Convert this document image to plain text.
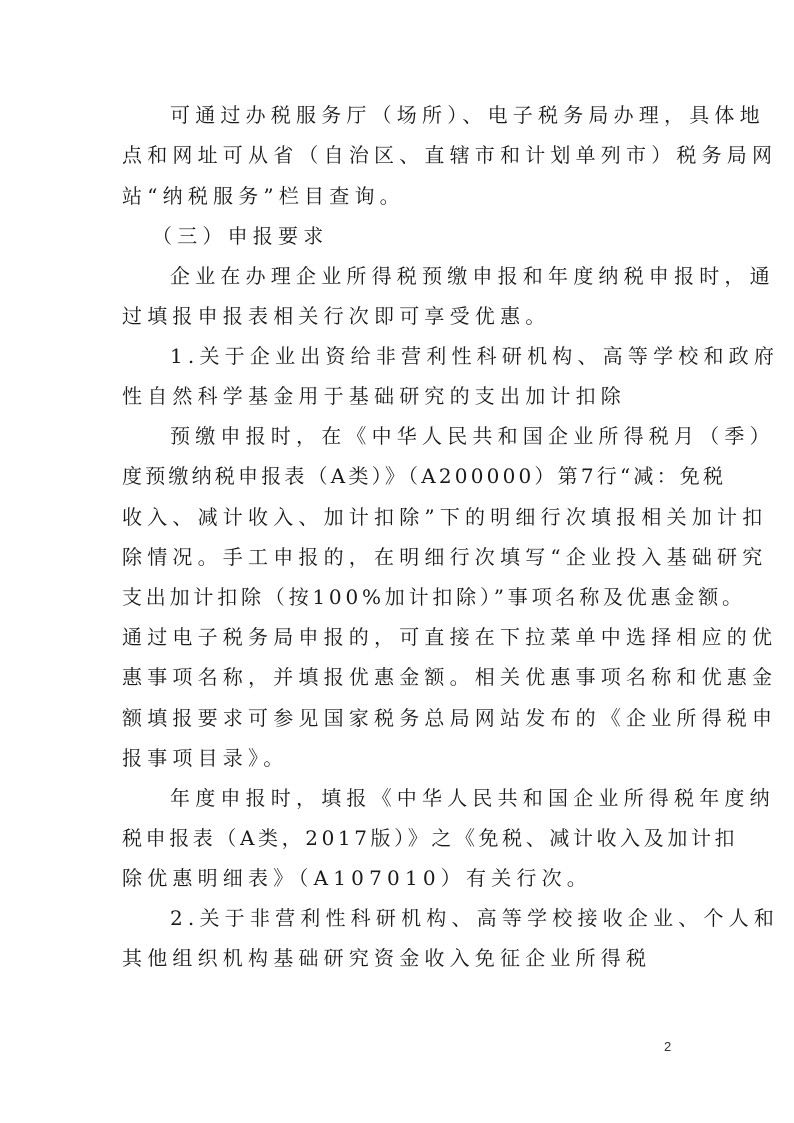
可通过办税服务厅（场所）、电子税务局办理，具体地
点和网址可从省（自治区、直辖市和计划单列市）税务局网
站“纳税服务”栏目查询。
（三）申报要求
企业在办理企业所得税预缴申报和年度纳税申报时，通
过填报申报表相关行次即可享受优惠。
1.关于企业出资给非营利性科研机构、高等学校和政府
性自然科学基金用于基础研究的支出加计扣除
预缴申报时，在《中华人民共和国企业所得税月（季）
度预缴纳税申报表（A类）》（A200000）第7行“减：免税
收入、减计收入、加计扣除”下的明细行次填报相关加计扣
除情况。手工申报的，在明细行次填写“企业投入基础研究
支出加计扣除（按100%加计扣除）”事项名称及优惠金额。
通过电子税务局申报的，可直接在下拉菜单中选择相应的优
惠事项名称，并填报优惠金额。相关优惠事项名称和优惠金
额填报要求可参见国家税务总局网站发布的《企业所得税申
报事项目录》。
年度申报时，填报《中华人民共和国企业所得税年度纳
税申报表（A类，2017版）》之《免税、减计收入及加计扣
除优惠明细表》（A107010）有关行次。
2.关于非营利性科研机构、高等学校接收企业、个人和
其他组织机构基础研究资金收入免征企业所得税
2
